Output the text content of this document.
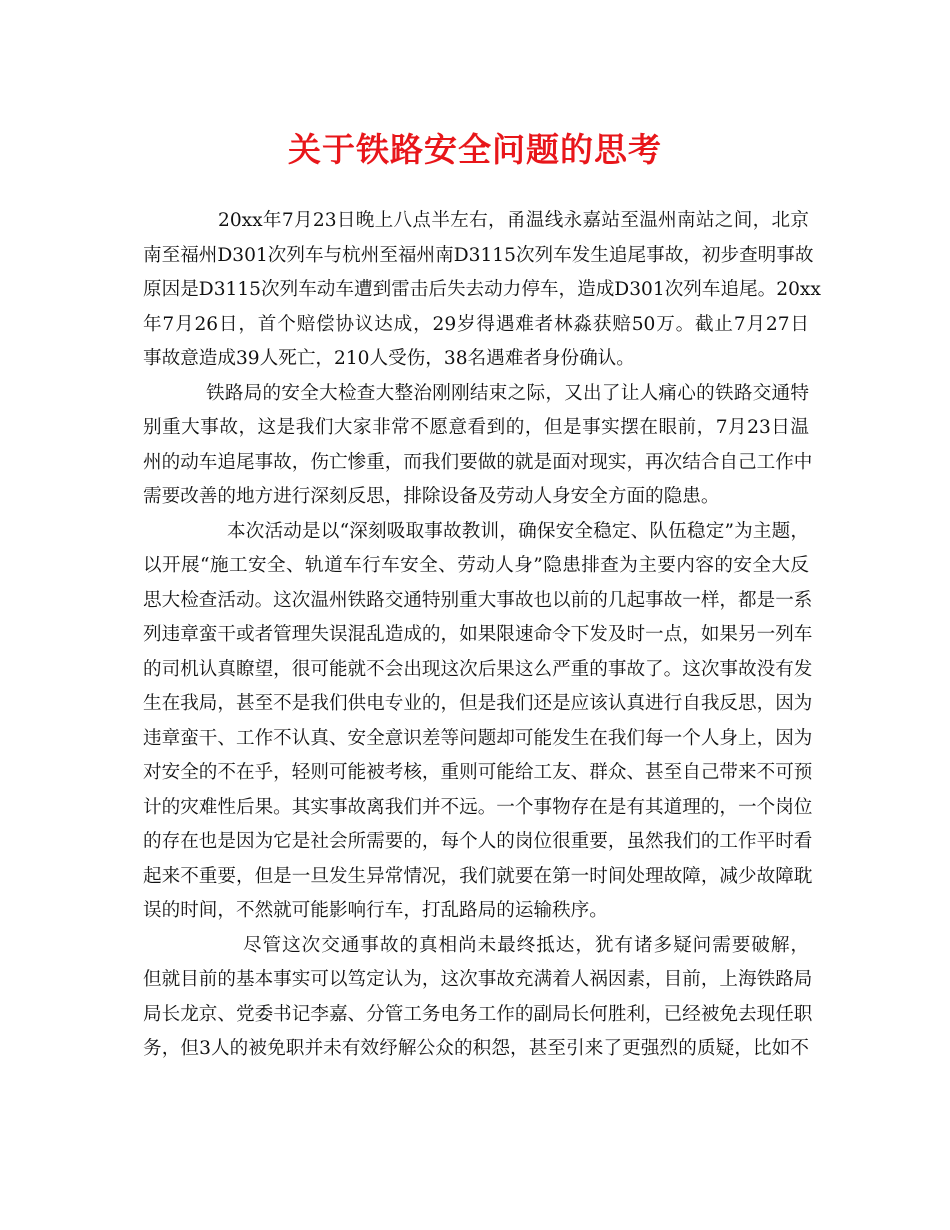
关于铁路安全问题的思考
20xx年7月23日晚上八点半左右，甬温线永嘉站至温州南站之间，北京
南至福州D301次列车与杭州至福州南D3115次列车发生追尾事故，初步查明事故
原因是D3115次列车动车遭到雷击后失去动力停车，造成D301次列车追尾。20xx
年7月26日，首个赔偿协议达成，29岁得遇难者林淼获赔50万。截止7月27日
事故意造成39人死亡，210人受伤，38名遇难者身份确认。
铁路局的安全大检查大整治刚刚结束之际，又出了让人痛心的铁路交通特
别重大事故，这是我们大家非常不愿意看到的，但是事实摆在眼前，7月23日温
州的动车追尾事故，伤亡惨重，而我们要做的就是面对现实，再次结合自己工作中
需要改善的地方进行深刻反思，排除设备及劳动人身安全方面的隐患。
本次活动是以“深刻吸取事故教训，确保安全稳定、队伍稳定”为主题，
以开展“施工安全、轨道车行车安全、劳动人身”隐患排查为主要内容的安全大反
思大检查活动。这次温州铁路交通特别重大事故也以前的几起事故一样，都是一系
列违章蛮干或者管理失误混乱造成的，如果限速命令下发及时一点，如果另一列车
的司机认真瞭望，很可能就不会出现这次后果这么严重的事故了。这次事故没有发
生在我局，甚至不是我们供电专业的，但是我们还是应该认真进行自我反思，因为
违章蛮干、工作不认真、安全意识差等问题却可能发生在我们每一个人身上，因为
对安全的不在乎，轻则可能被考核，重则可能给工友、群众、甚至自己带来不可预
计的灾难性后果。其实事故离我们并不远。一个事物存在是有其道理的，一个岗位
的存在也是因为它是社会所需要的，每个人的岗位很重要，虽然我们的工作平时看
起来不重要，但是一旦发生异常情况，我们就要在第一时间处理故障，减少故障耽
误的时间，不然就可能影响行车，打乱路局的运输秩序。
尽管这次交通事故的真相尚未最终抵达，犹有诸多疑问需要破解，
但就目前的基本事实可以笃定认为，这次事故充满着人祸因素，目前，上海铁路局
局长龙京、党委书记李嘉、分管工务电务工作的副局长何胜利，已经被免去现任职
务，但3人的被免职并未有效纾解公众的积怨，甚至引来了更强烈的质疑，比如不
